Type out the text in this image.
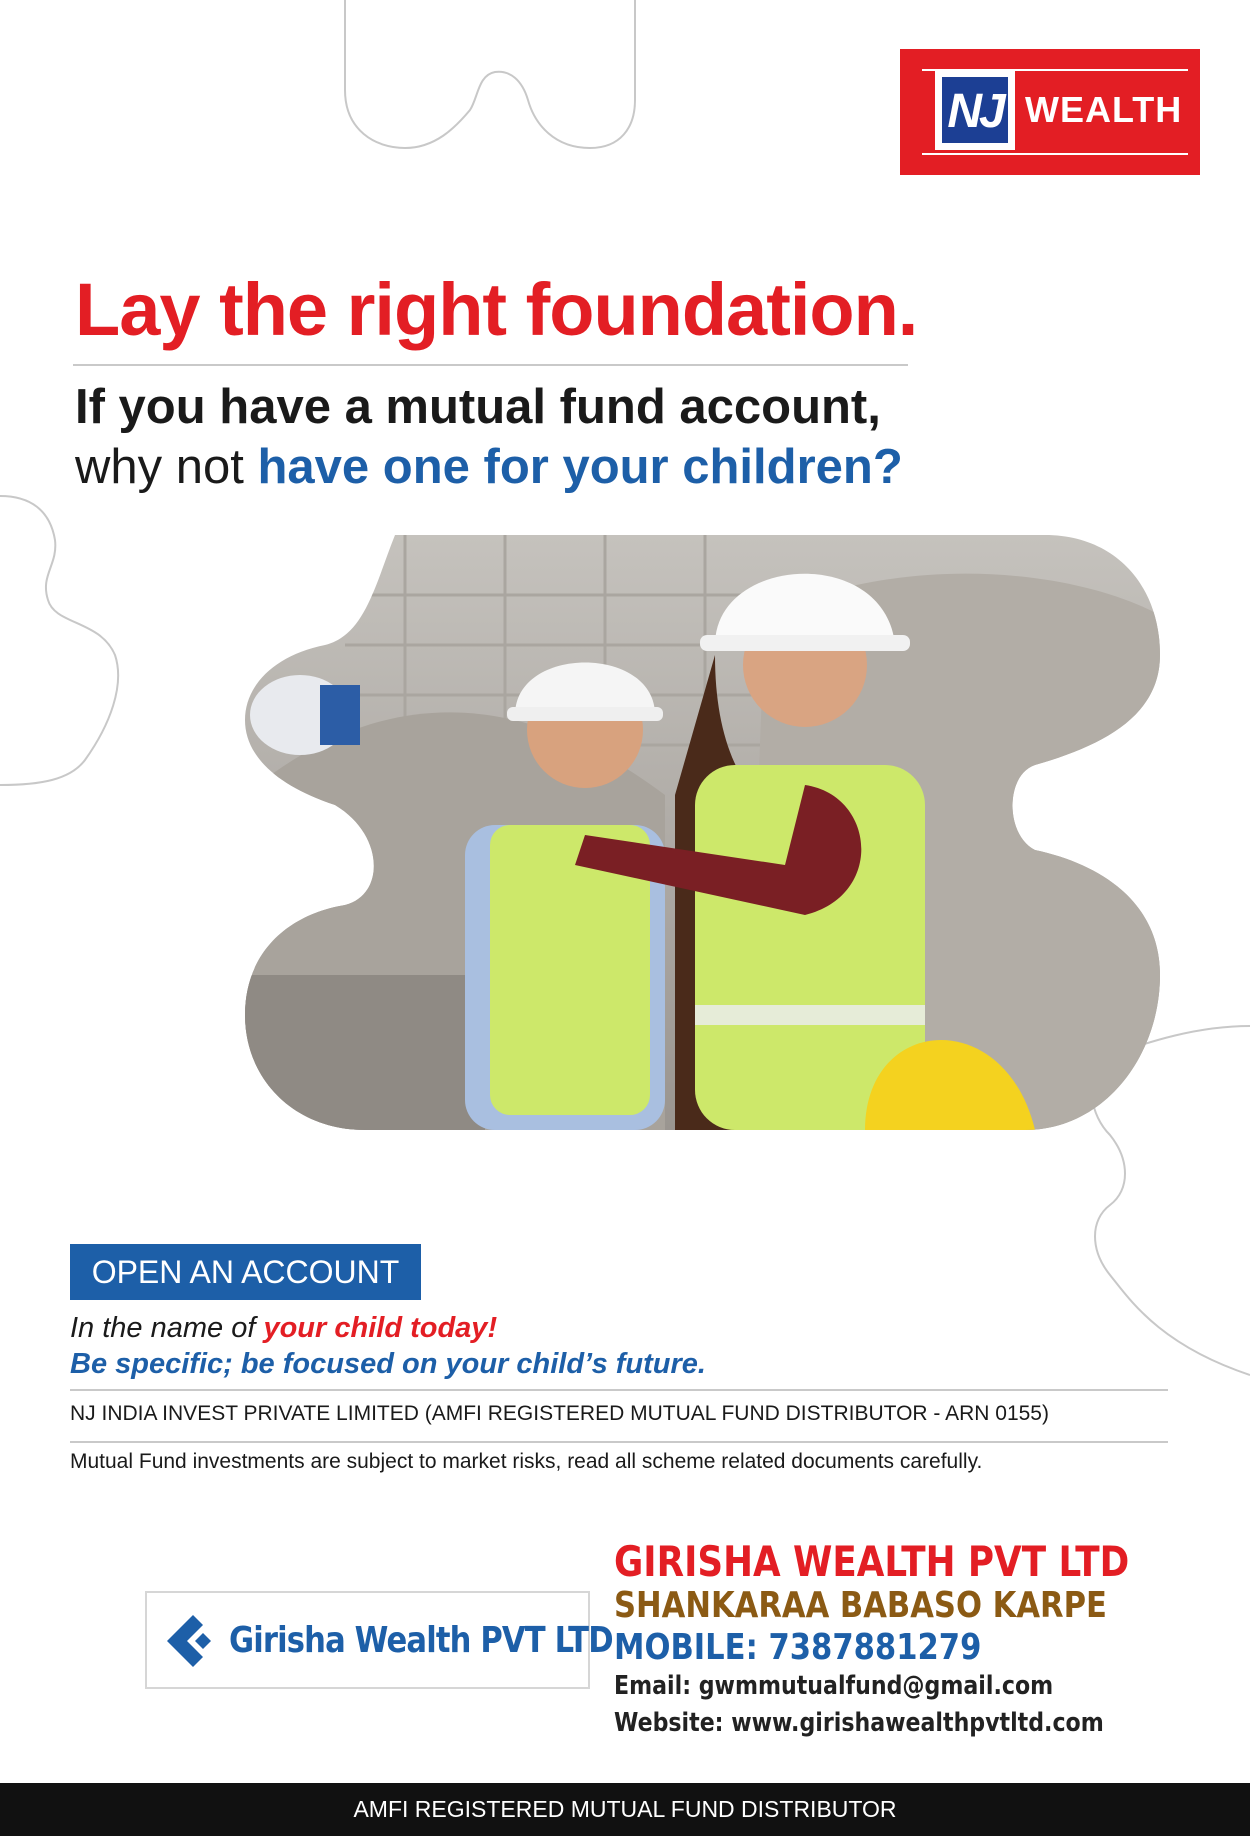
NJ WEALTH
Lay the right foundation.
If you have a mutual fund account,
why not have one for your children?
OPEN AN ACCOUNT
In the name of your child today!
Be specific; be focused on your child’s future.
NJ INDIA INVEST PRIVATE LIMITED (AMFI REGISTERED MUTUAL FUND DISTRIBUTOR - ARN 0155)
Mutual Fund investments are subject to market risks, read all scheme related documents carefully.
Girisha Wealth PVT LTD
GIRISHA WEALTH PVT LTD
SHANKARAA BABASO KARPE
MOBILE: 7387881279
Email: gwmmutualfund@gmail.com
Website: www.girishawealthpvtltd.com
AMFI REGISTERED MUTUAL FUND DISTRIBUTOR
